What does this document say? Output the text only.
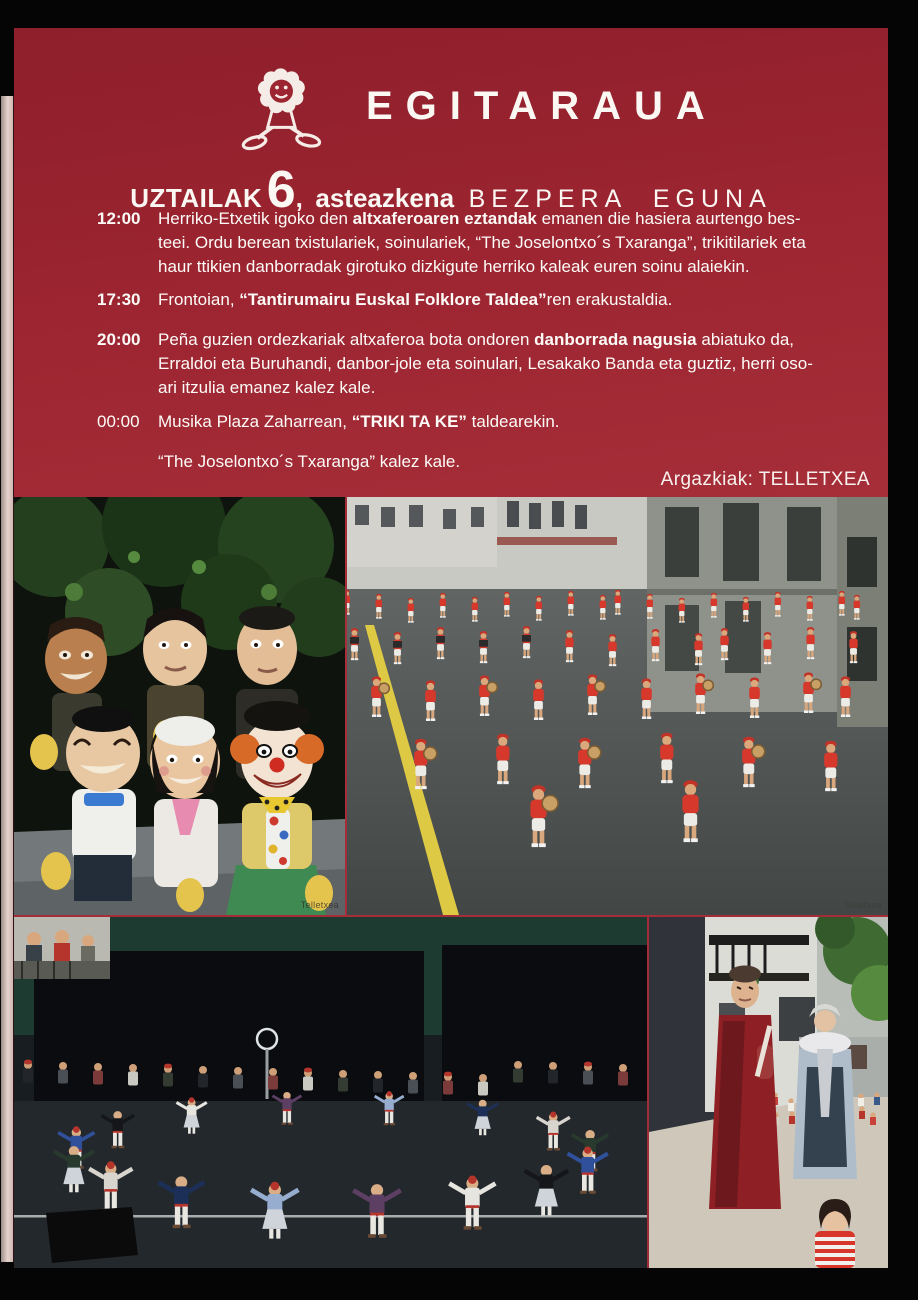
EGITARAUA
UZTAILAK 6, asteazkena BEZPERA EGUNA
12:00 Herriko-Etxetik igoko den altxaferoaren eztandak emanen die hasiera aurtengo bes-
teei. Ordu berean txistulariek, soinulariek, “The Joselontxo´s Txaranga”, trikitilariek eta
haur ttikien danborradak girotuko dizkigute herriko kaleak euren soinu alaiekin.
17:30 Frontoian, “Tantirumairu Euskal Folklore Taldea”ren erakustaldia.
20:00 Peña guzien ordezkariak altxaferoa bota ondoren danborrada nagusia abiatuko da,
Erraldoi eta Buruhandi, danbor-jole eta soinulari, Lesakako Banda eta guztiz, herri oso-
ari itzulia emanez kalez kale.
00:00 Musika Plaza Zaharrean, “TRIKI TA KE” taldearekin.
“The Joselontxo´s Txaranga” kalez kale.
Argazkiak: TELLETXEA
Telletxea	Telletxea
